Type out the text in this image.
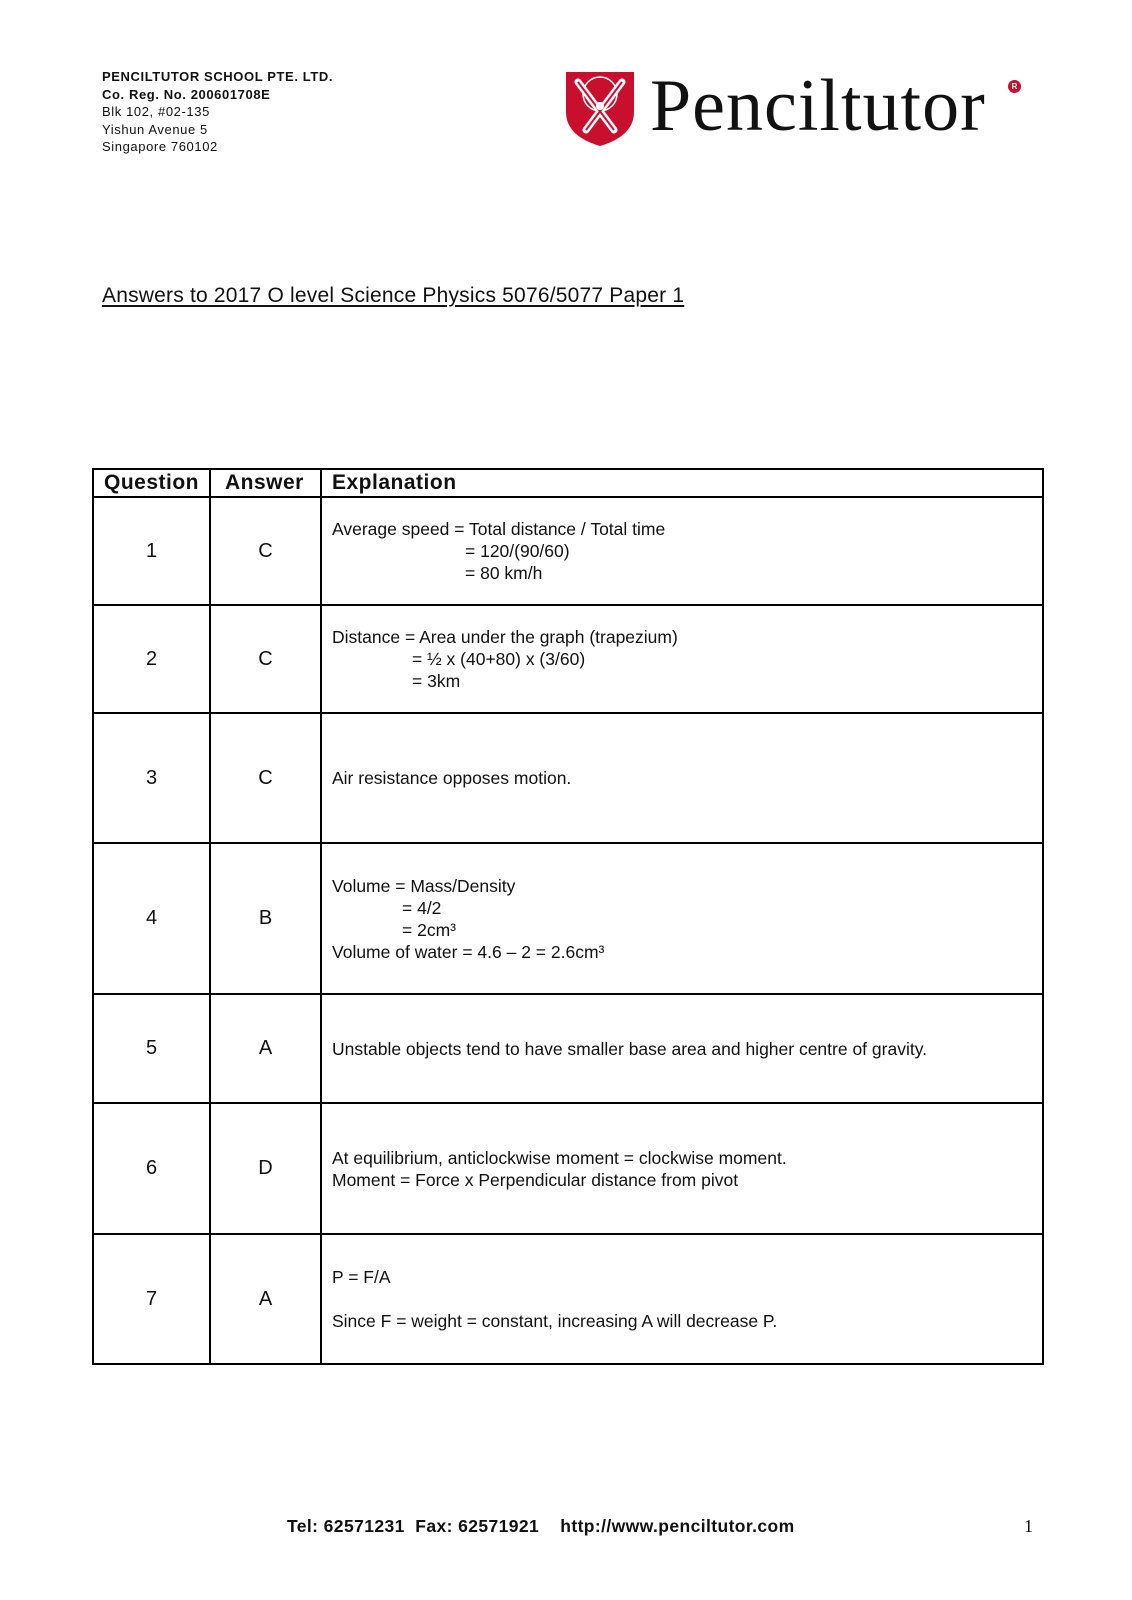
PENCILTUTOR SCHOOL PTE. LTD.
Co. Reg. No. 200601708E
Blk 102, #02-135
Yishun Avenue 5
Singapore 760102	Penciltutor	R
Answers to 2017 O level Science Physics 5076/5077 Paper 1
Question	Answer	Explanation
1	C	Average speed = Total distance / Total time
= 120/(90/60)
= 80 km/h

2	C	Distance = Area under the graph (trapezium)
= ½ x (40+80) x (3/60)
= 3km

3	C	Air resistance opposes motion.

4	B	Volume = Mass/Density
= 4/2
= 2cm³
Volume of water = 4.6 – 2 = 2.6cm³

5	A	Unstable objects tend to have smaller base area and higher centre of gravity.

6	D	At equilibrium, anticlockwise moment = clockwise moment.
Moment = Force x Perpendicular distance from pivot

7	A	P = F/A
Since F = weight = constant, increasing A will decrease P.
Tel: 62571231 Fax: 62571921 http://www.penciltutor.com	1
